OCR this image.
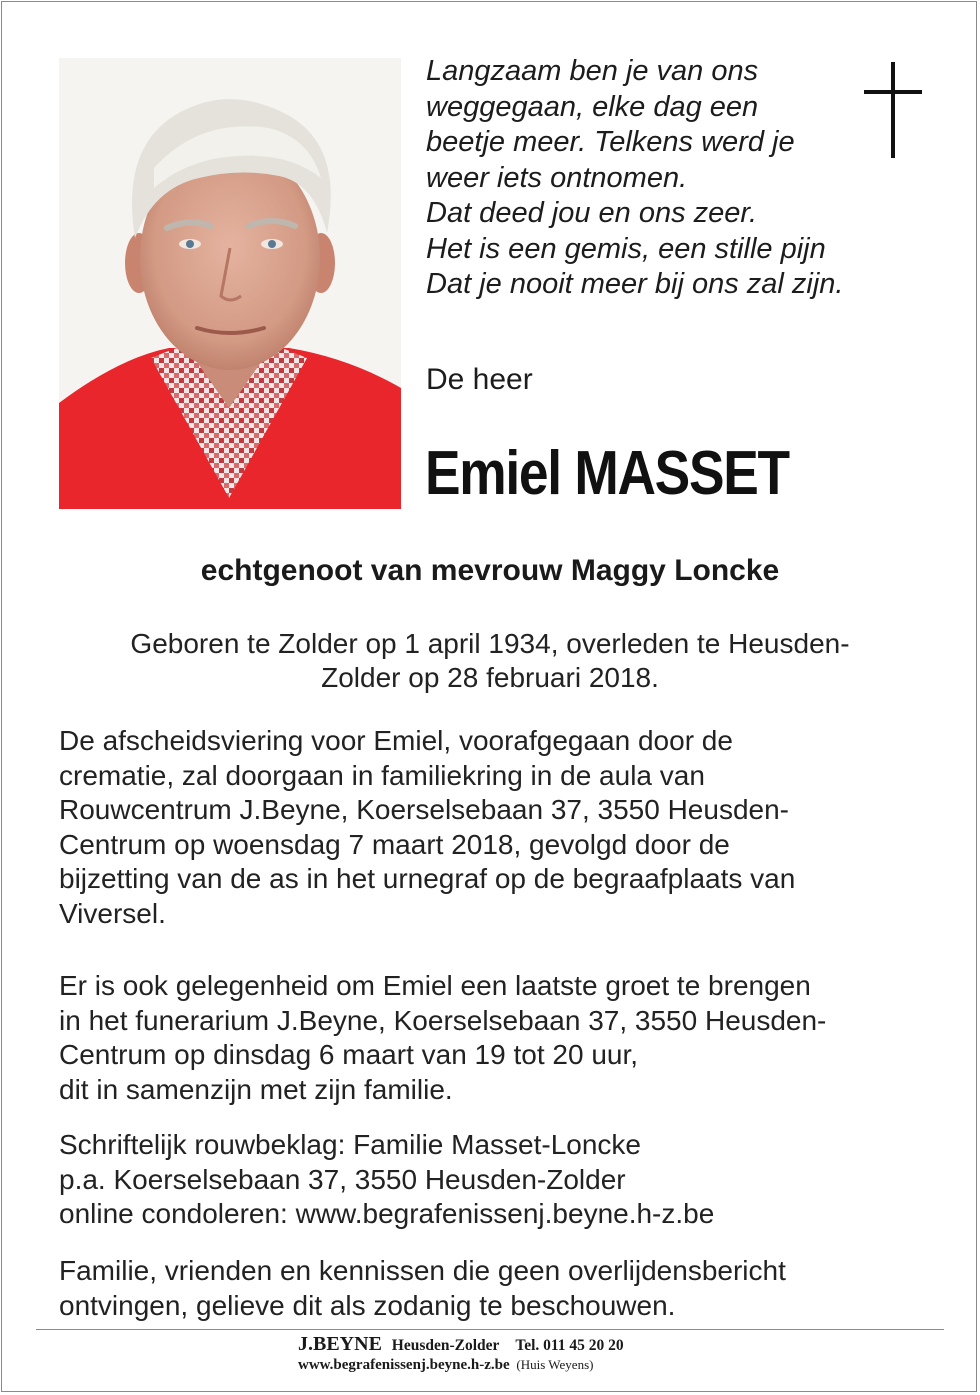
Langzaam ben je van ons
weggegaan, elke dag een
beetje meer. Telkens werd je
weer iets ontnomen.
Dat deed jou en ons zeer.
Het is een gemis, een stille pijn
Dat je nooit meer bij ons zal zijn.
De heer
Emiel MASSET
echtgenoot van mevrouw Maggy Loncke
Geboren te Zolder op 1 april 1934, overleden te Heusden-
Zolder op 28 februari 2018.
De afscheidsviering voor Emiel, voorafgegaan door de
crematie, zal doorgaan in familiekring in de aula van
Rouwcentrum J.Beyne, Koerselsebaan 37, 3550 Heusden-
Centrum op woensdag 7 maart 2018, gevolgd door de
bijzetting van de as in het urnegraf op de begraafplaats van
Viversel.
Er is ook gelegenheid om Emiel een laatste groet te brengen
in het funerarium J.Beyne, Koerselsebaan 37, 3550 Heusden-
Centrum op dinsdag 6 maart van 19 tot 20 uur,
dit in samenzijn met zijn familie.
Schriftelijk rouwbeklag: Familie Masset-Loncke
p.a. Koerselsebaan 37, 3550 Heusden-Zolder
online condoleren: www.begrafenissenj.beyne.h-z.be
Familie, vrienden en kennissen die geen overlijdensbericht
ontvingen, gelieve dit als zodanig te beschouwen.
J.BEYNE Heusden-Zolder Tel. 011 45 20 20
www.begrafenissenj.beyne.h-z.be (Huis Weyens)
